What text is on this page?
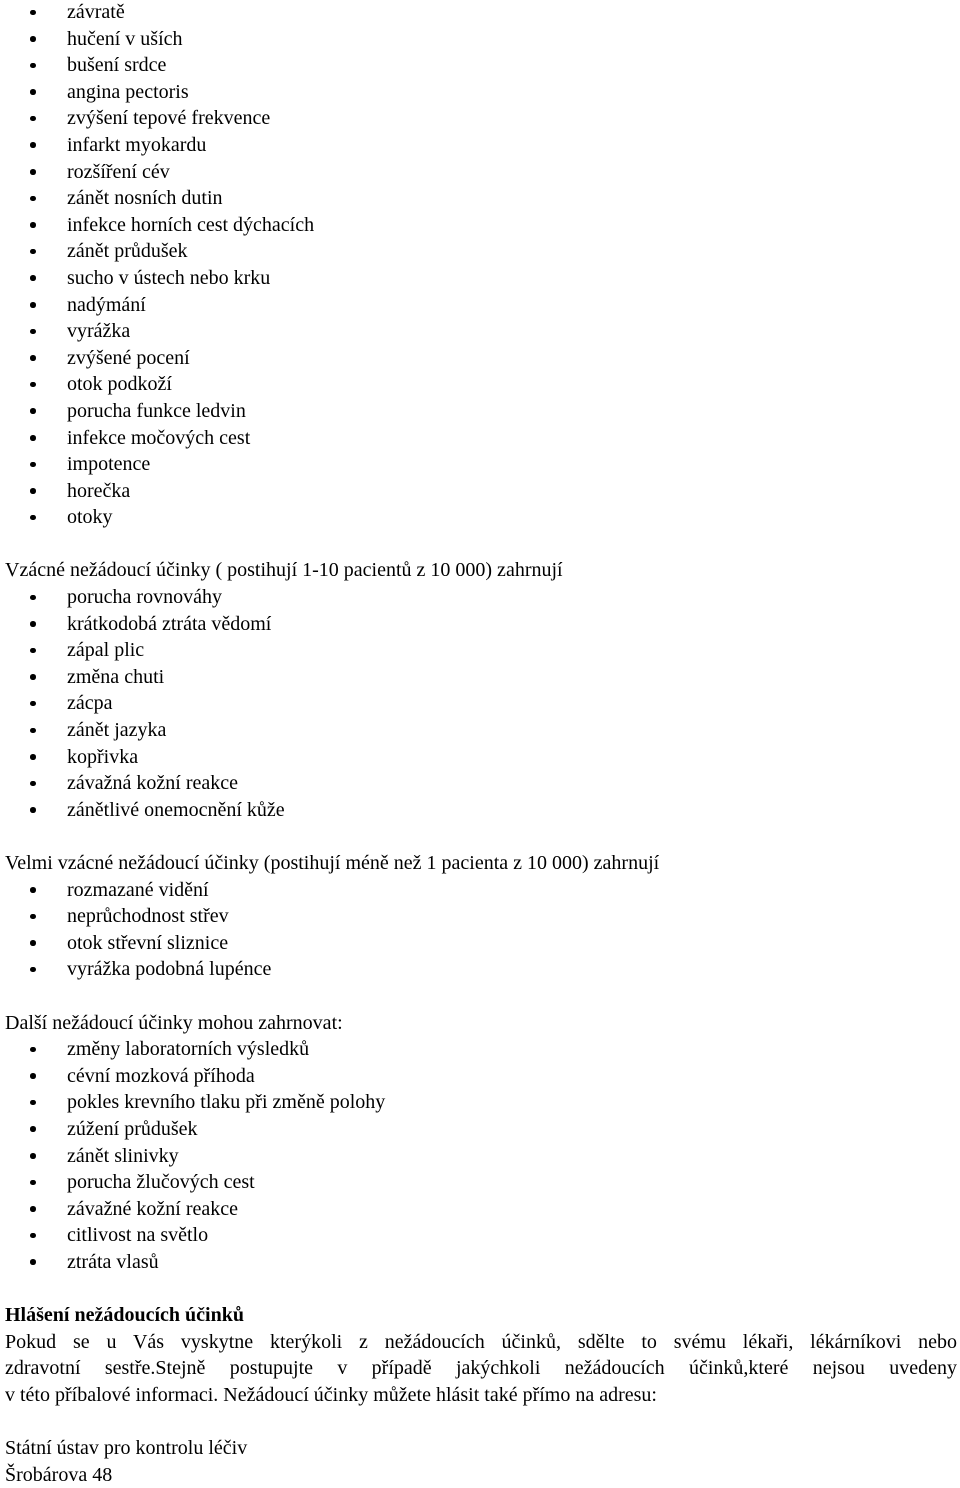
závratě
hučení v uších
bušení srdce
angina pectoris
zvýšení tepové frekvence
infarkt myokardu
rozšíření cév
zánět nosních dutin
infekce horních cest dýchacích
zánět průdušek
sucho v ústech nebo krku
nadýmání
vyrážka
zvýšené pocení
otok podkoží
porucha funkce ledvin
infekce močových cest
impotence
horečka
otoky
Vzácné nežádoucí účinky ( postihují 1-10 pacientů z 10 000) zahrnují
porucha rovnováhy
krátkodobá ztráta vědomí
zápal plic
změna chuti
zácpa
zánět jazyka
kopřivka
závažná kožní reakce
zánětlivé onemocnění kůže
Velmi vzácné nežádoucí účinky (postihují méně než 1 pacienta z 10 000) zahrnují
rozmazané vidění
neprůchodnost střev
otok střevní sliznice
vyrážka podobná lupénce
Další nežádoucí účinky mohou zahrnovat:
změny laboratorních výsledků
cévní mozková příhoda
pokles krevního tlaku při změně polohy
zúžení průdušek
zánět slinivky
porucha žlučových cest
závažné kožní reakce
citlivost na světlo
ztráta vlasů
Hlášení nežádoucích účinků
Pokud se u Vás vyskytne kterýkoli z nežádoucích účinků, sdělte to svému lékaři, lékárníkovi nebo
zdravotní sestře.Stejně postupujte v případě jakýchkoli nežádoucích účinků,které nejsou uvedeny
v této příbalové informaci. Nežádoucí účinky můžete hlásit také přímo na adresu:
Státní ústav pro kontrolu léčiv
Šrobárova 48
